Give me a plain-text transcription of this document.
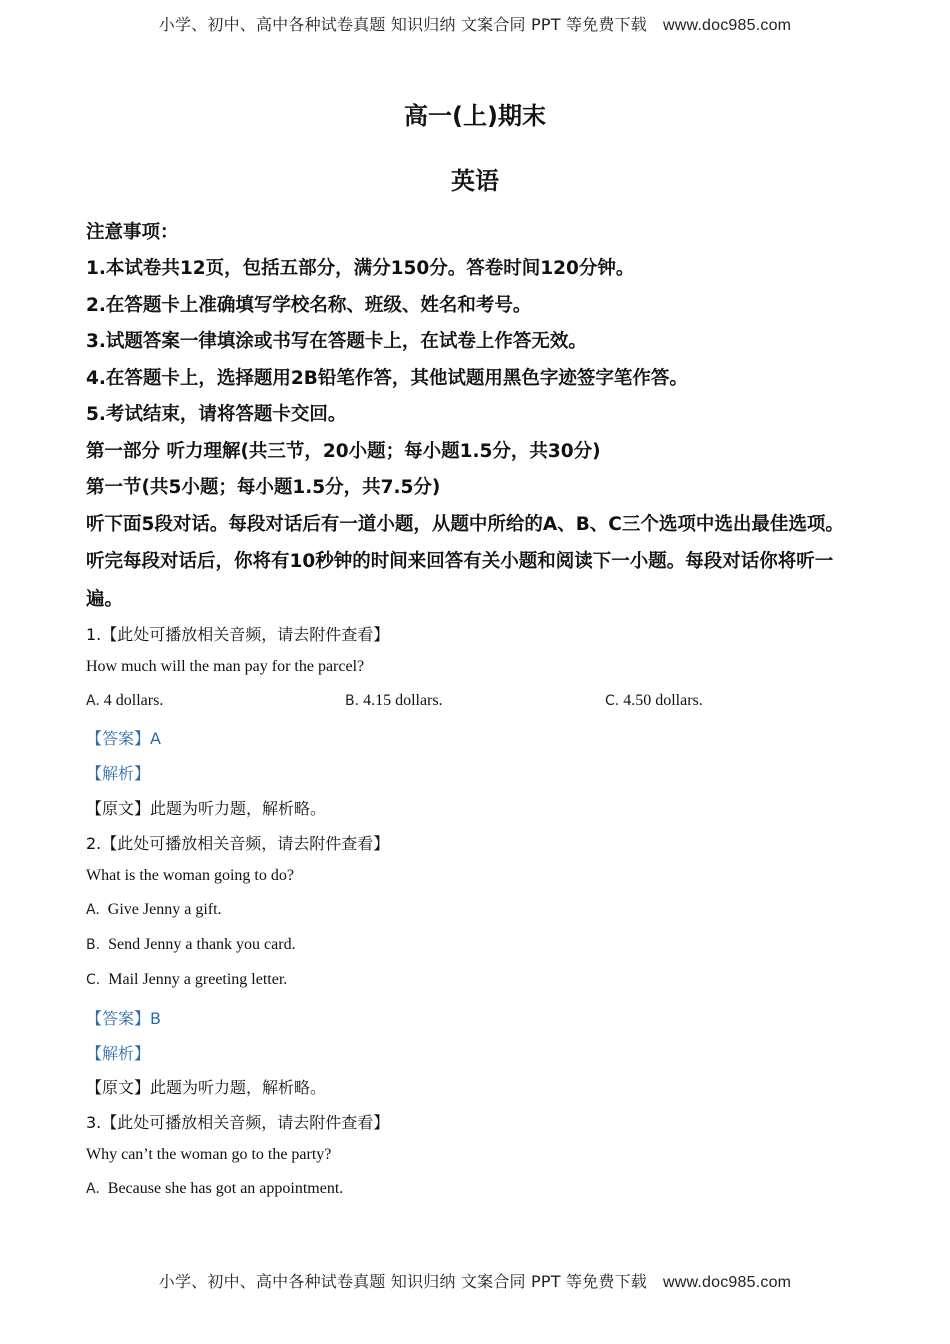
小学、初中、高中各种试卷真题 知识归纳 文案合同 PPT 等免费下载 www.doc985.com
高一(上)期末
英语
注意事项：
1.本试卷共12页，包括五部分，满分150分。答卷时间120分钟。
2.在答题卡上准确填写学校名称、班级、姓名和考号。
3.试题答案一律填涂或书写在答题卡上，在试卷上作答无效。
4.在答题卡上，选择题用2B铅笔作答，其他试题用黑色字迹签字笔作答。
5.考试结束，请将答题卡交回。
第一部分 听力理解(共三节，20小题；每小题1.5分，共30分)
第一节(共5小题；每小题1.5分，共7.5分)
听下面5段对话。每段对话后有一道小题，从题中所给的A、B、C三个选项中选出最佳选项。
听完每段对话后，你将有10秒钟的时间来回答有关小题和阅读下一小题。每段对话你将听一
遍。
1.【此处可播放相关音频，请去附件查看】
How much will the man pay for the parcel?
A. 4 dollars.	B. 4.15 dollars.	C. 4.50 dollars.
【答案】A
【解析】
【原文】此题为听力题，解析略。
2.【此处可播放相关音频，请去附件查看】
What is the woman going to do?
A. Give Jenny a gift.
B. Send Jenny a thank you card.
C. Mail Jenny a greeting letter.
【答案】B
【解析】
【原文】此题为听力题，解析略。
3.【此处可播放相关音频，请去附件查看】
Why can’t the woman go to the party?
A. Because she has got an appointment.
小学、初中、高中各种试卷真题 知识归纳 文案合同 PPT 等免费下载 www.doc985.com
